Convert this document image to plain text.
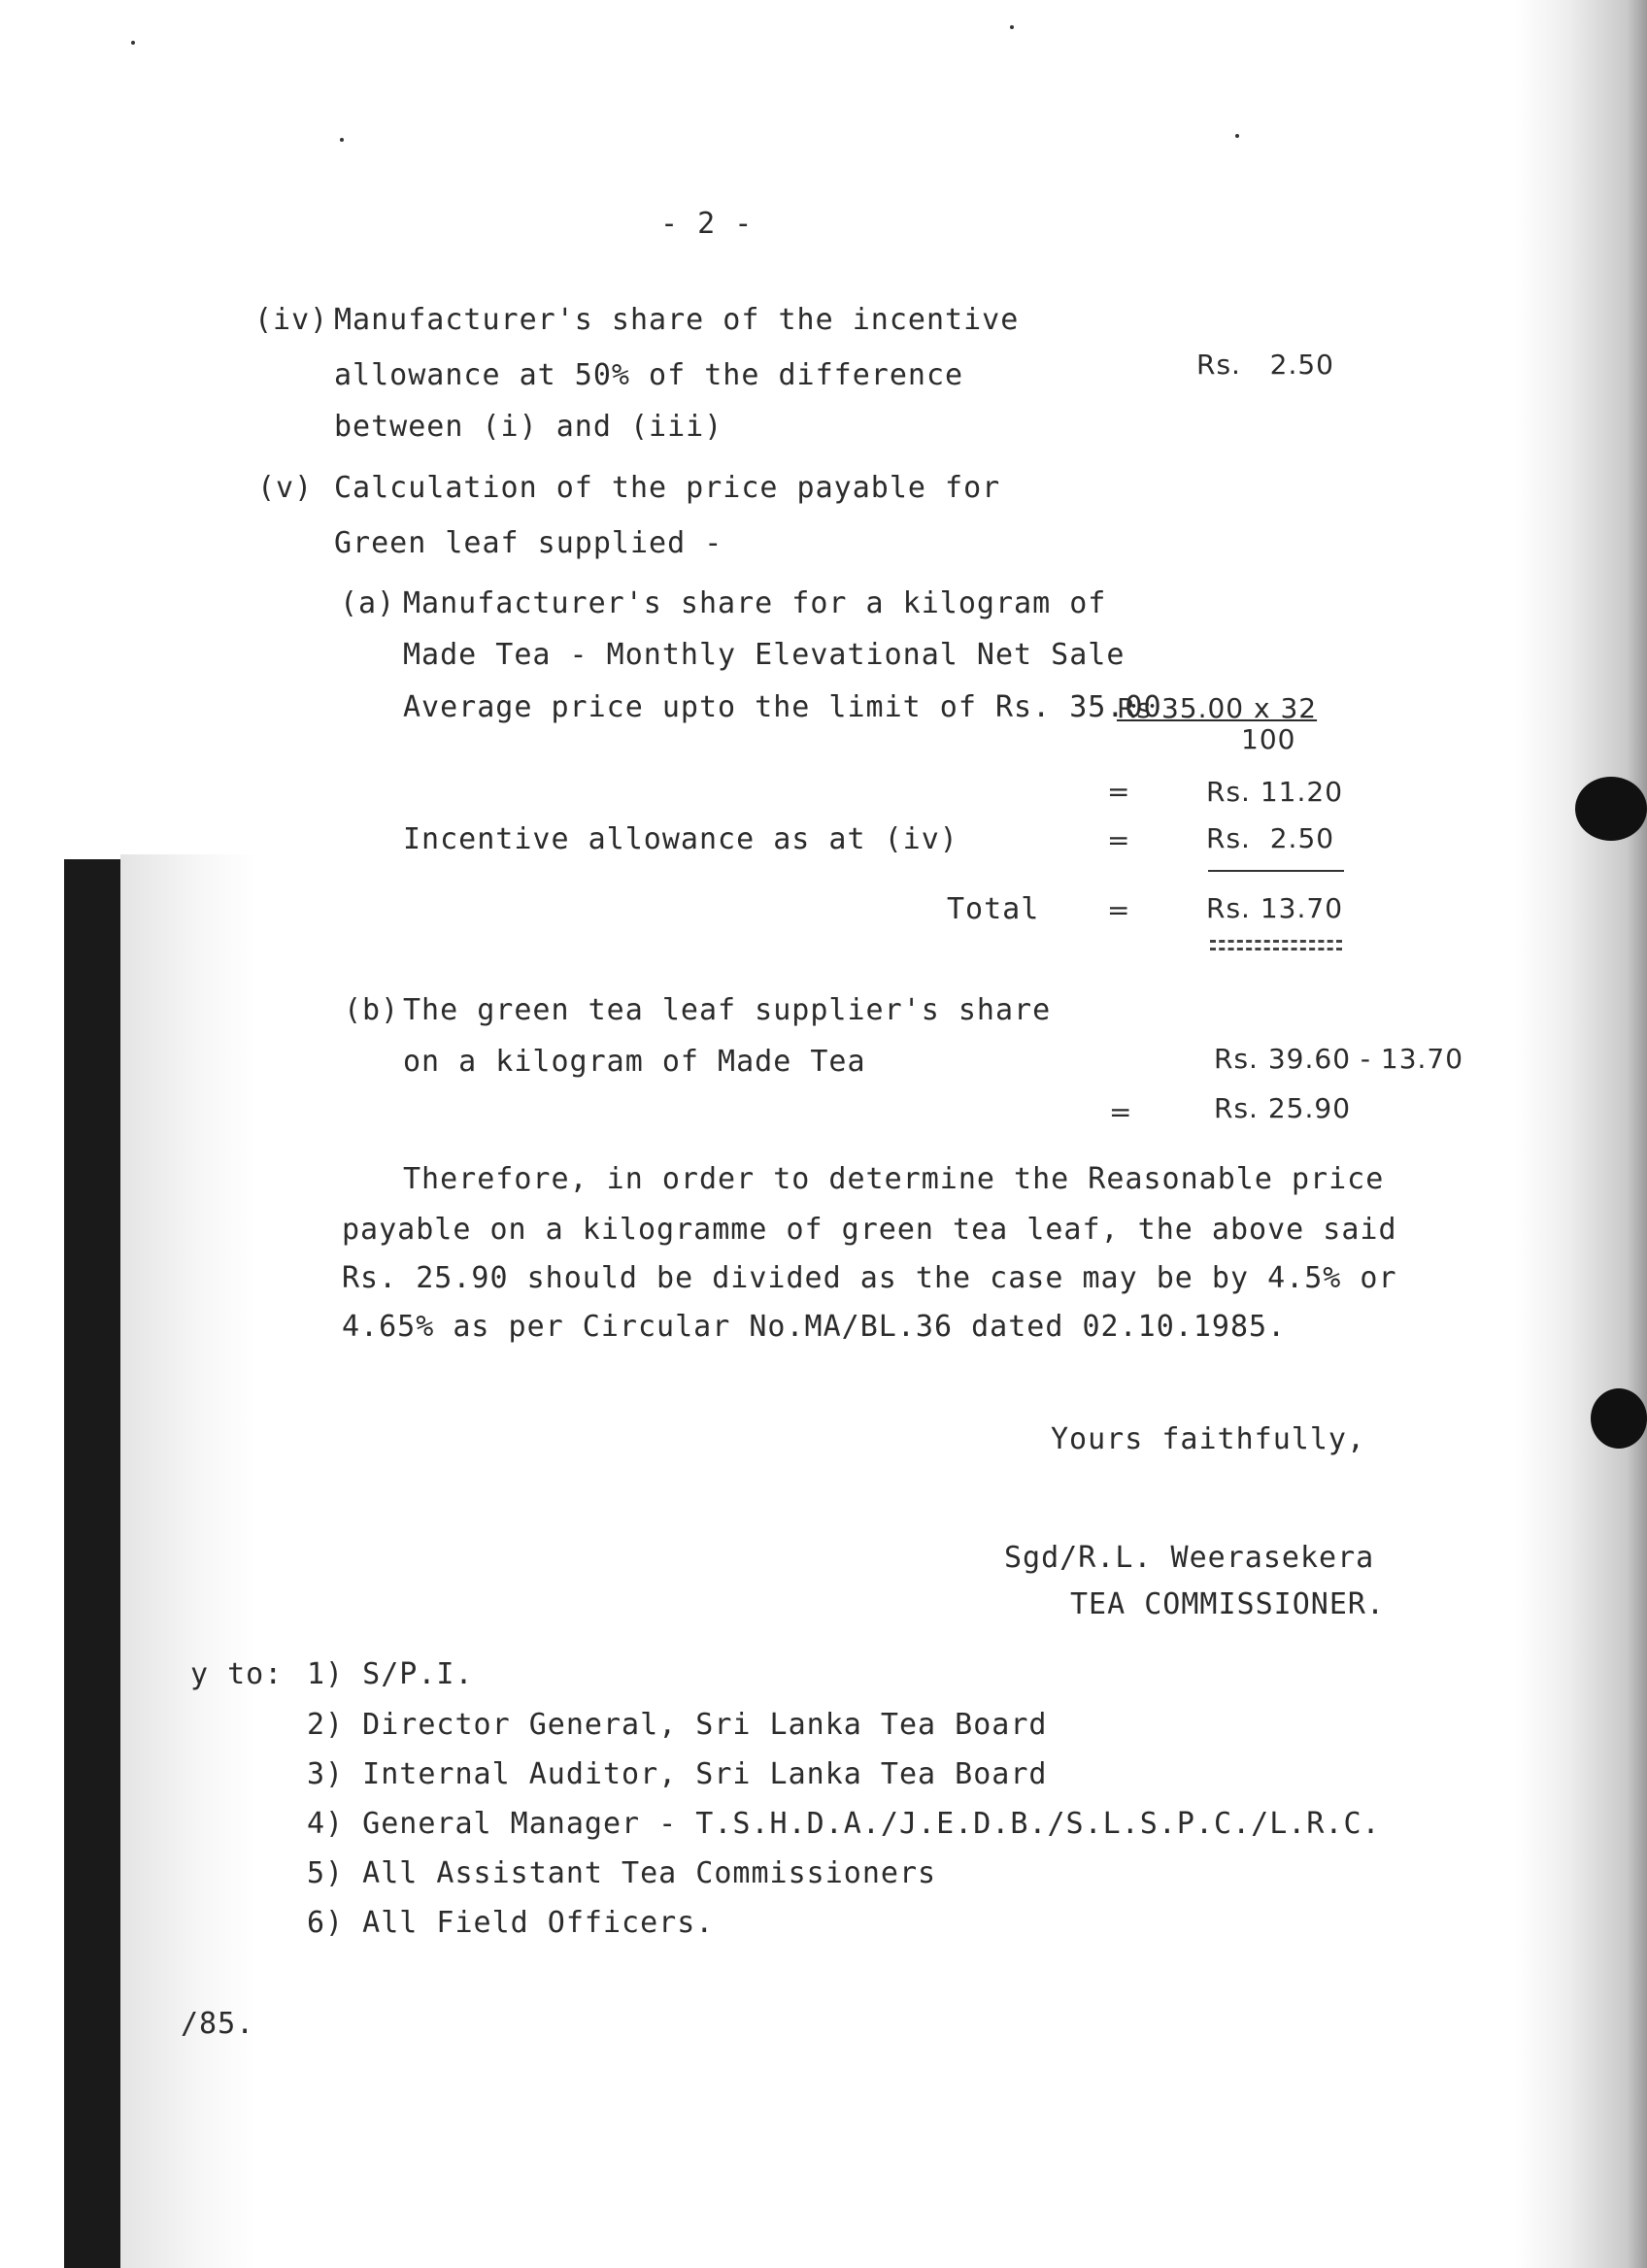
- 2 -
(iv) Manufacturer's share of the incentive
allowance at 50% of the difference
between (i) and (iii)
Rs.   2.50
(v) Calculation of the price payable for
Green leaf supplied -
(a) Manufacturer's share for a kilogram of
Made Tea - Monthly Elevational Net Sale
Average price upto the limit of Rs. 35.00
Rs 35.00 x 32
100
=	Rs. 11.20
Incentive allowance as at (iv)	=	Rs.  2.50
Total =	Rs. 13.70
(b) The green tea leaf supplier's share
on a kilogram of Made Tea	Rs. 39.60 - 13.70
=	Rs. 25.90
Therefore, in order to determine the Reasonable price
payable on a kilogramme of green tea leaf, the above said
Rs. 25.90 should be divided as the case may be by 4.5% or
4.65% as per Circular No.MA/BL.36 dated 02.10.1985.
Yours faithfully,
Sgd/R.L. Weerasekera
TEA COMMISSIONER.
y to: 1) S/P.I.
2) Director General, Sri Lanka Tea Board
3) Internal Auditor, Sri Lanka Tea Board
4) General Manager - T.S.H.D.A./J.E.D.B./S.L.S.P.C./L.R.C.
5) All Assistant Tea Commissioners
6) All Field Officers.
/85.
